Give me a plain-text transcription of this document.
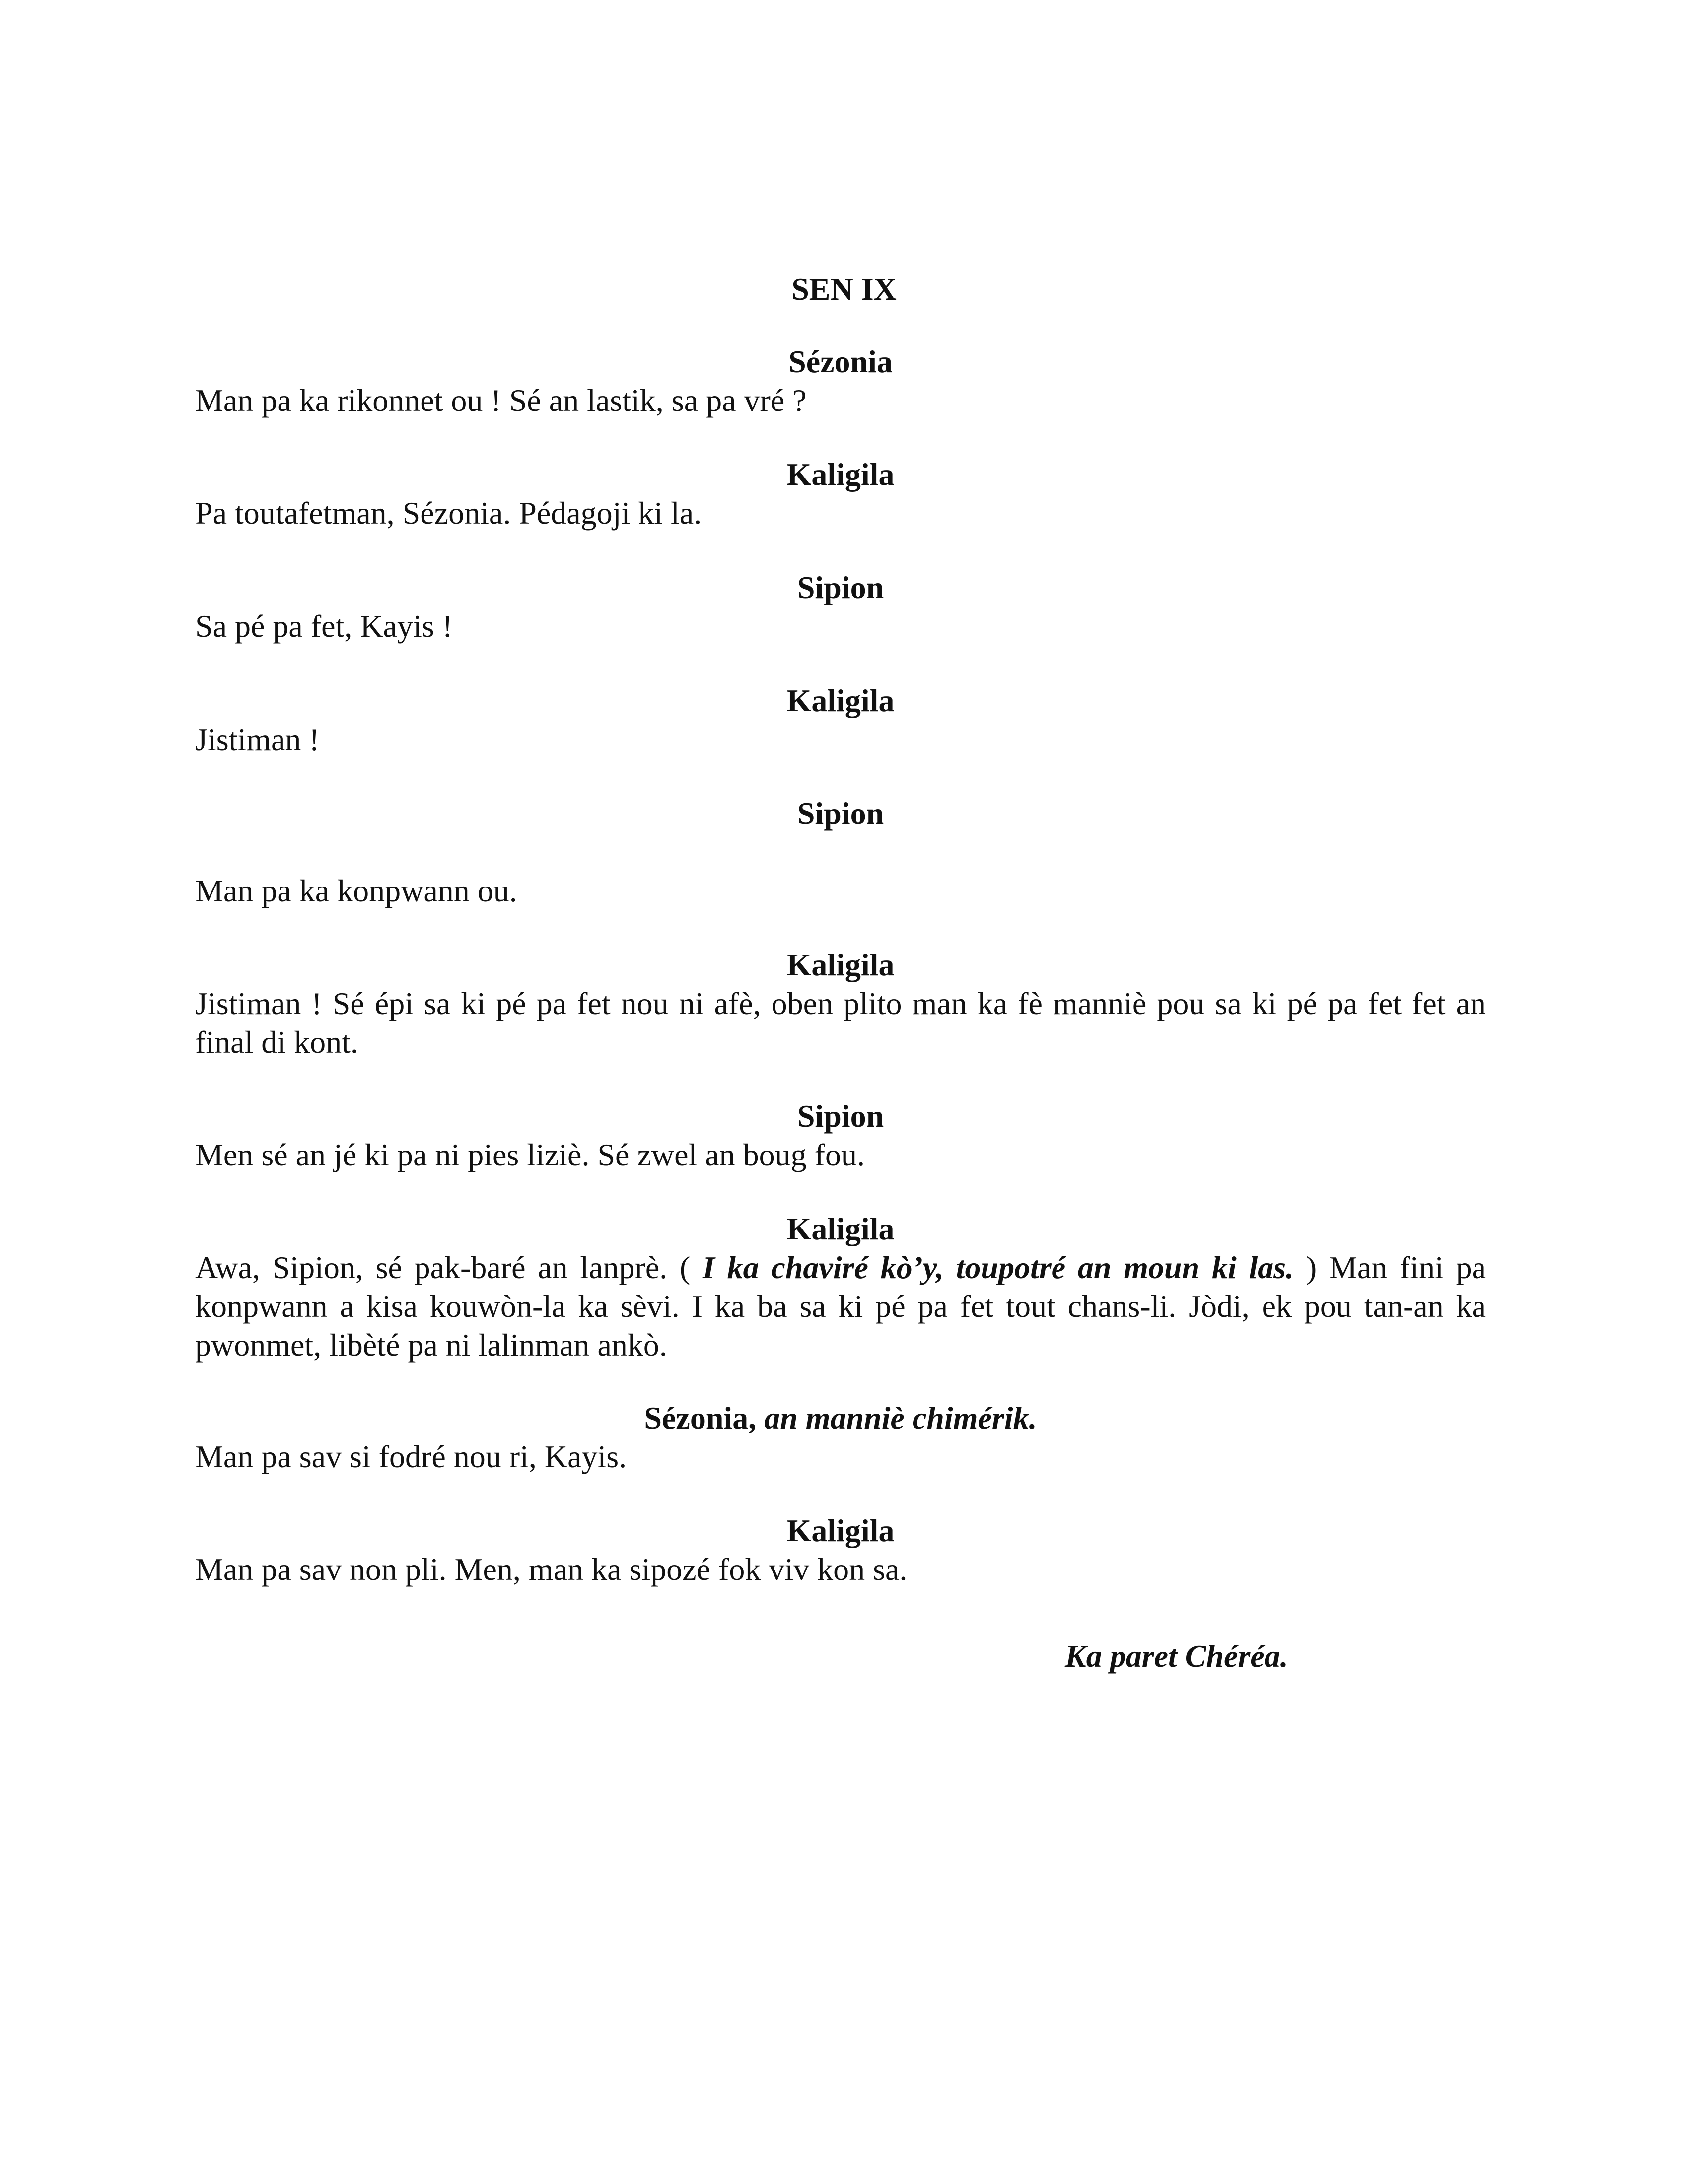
SEN IX

Sézonia

Man pa ka rikonnet ou ! Sé an lastik, sa pa vré ?

Kaligila

Pa toutafetman, Sézonia. Pédagoji ki la.

Sipion

Sa pé pa fet, Kayis !

Kaligila

Jistiman !

Sipion

Man pa ka konpwann ou.

Kaligila

Jistiman ! Sé épi sa ki pé pa fet nou ni afè, oben plito man ka fè manniè pou sa ki pé pa fet fet an final di kont.

Sipion

Men sé an jé ki pa ni pies liziè. Sé zwel an boug fou.

Kaligila

Awa, Sipion, sé pak-baré an lanprè. ( I ka chaviré kò’y, toupotré an moun ki las. ) Man fini pa konpwann a kisa kouwòn-la ka sèvi. I ka ba sa ki pé pa fet tout chans-li. Jòdi, ek pou tan-an ka pwonmet, libèté pa ni lalinman ankò.

Sézonia, an manniè chimérik.

Man pa sav si fodré nou ri, Kayis.

Kaligila

Man pa sav non pli. Men, man ka sipozé fok viv kon sa.

Ka paret Chéréa.
